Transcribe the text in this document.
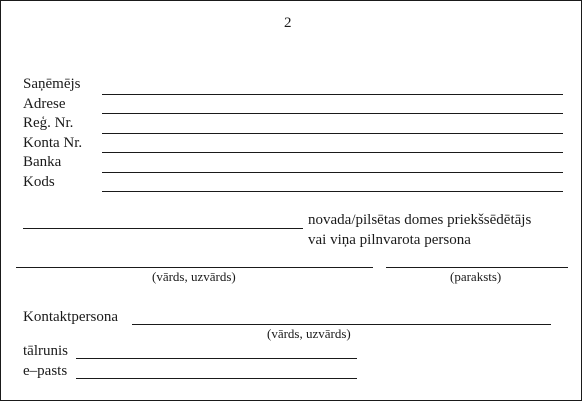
2
Saņēmējs
Adrese
Reģ. Nr.
Konta Nr.
Banka
Kods
novada/pilsētas domes priekšsēdētājs
vai viņa pilnvarota persona
(vārds, uzvārds)	(paraksts)
Kontaktpersona
(vārds, uzvārds)
tālrunis
e–pasts
